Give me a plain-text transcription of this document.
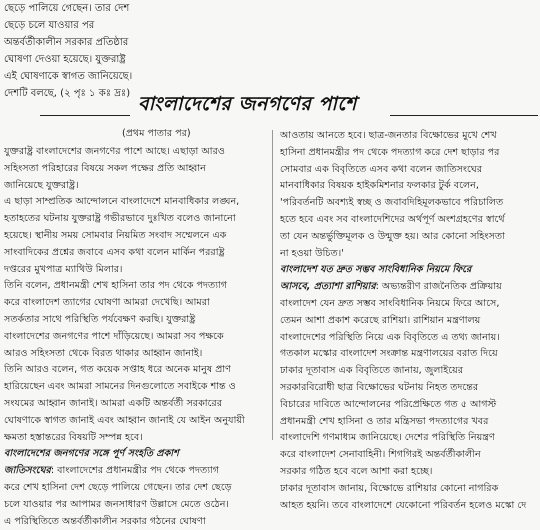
ছেড়ে পালিয়ে গেছেন। তার দেশ
ছেড়ে চলে যাওয়ার পর
অন্তর্বর্তীকালীন সরকার প্রতিষ্ঠার
ঘোষণা দেওয়া হয়েছে। যুক্তরাষ্ট্র
এই ঘোষণাকে স্বাগত জানিয়েছে।
দেশটি বলছে, (২ পৃঃ ১ কঃ দ্রঃ) বাংলাদেশের জনগণের পাশে
(প্রথম পাতার পর)
যুক্তরাষ্ট্র বাংলাদেশের জনগণের পাশে আছে। এছাড়া আরও
সহিংসতা পরিহারের বিষয়ে সকল পক্ষের প্রতি আহ্বান
জানিয়েছে যুক্তরাষ্ট্র।
এ ছাড়া সাম্প্রতিক আন্দোলনে বাংলাদেশে মানবাধিকার লঙ্ঘন,
হতাহতের ঘটনায় যুক্তরাষ্ট্র গভীরভাবে দুঃখিত বলেও জানানো
হয়েছে। স্থানীয় সময় সোমবার নিয়মিত সংবাদ সম্মেলনে এক
সাংবাদিকের প্রশ্নের জবাবে এসব কথা বলেন মার্কিন পররাষ্ট্র
দপ্তরের মুখপাত্র ম্যাথিউ মিলার।
তিনি বলেন, প্রধানমন্ত্রী শেখ হাসিনা তার পদ থেকে পদত্যাগ
করে বাংলাদেশ ত্যাগের ঘোষণা আমরা দেখেছি। আমরা
সতর্কতার সাথে পরিস্থিতি পর্যবেক্ষণ করছি। যুক্তরাষ্ট্র
বাংলাদেশের জনগণের পাশে দাঁড়িয়েছে। আমরা সব পক্ষকে
আরও সহিংসতা থেকে বিরত থাকার আহ্বান জানাই।
তিনি আরও বলেন, গত কয়েক সপ্তাহ ধরে অনেক মানুষ প্রাণ
হারিয়েছেন এবং আমরা সামনের দিনগুলোতে সবাইকে শান্ত ও
সংযমের আহ্বান জানাই। আমরা একটি অন্তর্বর্তী সরকারের
ঘোষণাকে স্বাগত জানাই এবং আহ্বান জানাই যে আইন অনুযায়ী
ক্ষমতা হস্তান্তরের বিষয়টি সম্পন্ন হবে।
বাংলাদেশের জনগণের সঙ্গে পূর্ণ সংহতি প্রকাশ
জাতিসংঘের: বাংলাদেশের প্রধানমন্ত্রীর পদ থেকে পদত্যাগ
করে শেখ হাসিনা দেশ ছেড়ে পালিয়ে গেছেন। তার দেশ ছেড়ে
চলে যাওয়ার পর আপামর জনসাধারণ উল্লাসে মেতে ওঠেন।
এ পরিস্থিতিতে অন্তর্বর্তীকালীন সরকার গঠনের ঘোষণা
আওতায় আনতে হবে। ছাত্র-জনতার বিক্ষোভের মুখে শেখ
হাসিনা প্রধানমন্ত্রীর পদ থেকে পদত্যাগ করে দেশ ছাড়ার পর
সোমবার এক বিবৃতিতে এসব কথা বলেন জাতিসংঘের
মানবাধিকার বিষয়ক হাইকমিশনার ফলকার টুর্ক বলেন,
'পরিবর্তনটি অবশ্যই স্বচ্ছ ও জবাবদিহিমূলকভাবে পরিচালিত
হতে হবে এবং সব বাংলাদেশিদের অর্থপূর্ণ অংশগ্রহণের স্বার্থে
তা যেন অন্তর্ভুক্তিমূলক ও উন্মুক্ত হয়। আর কোনো সহিংসতা
না হওয়া উচিত।'
বাংলাদেশ যত দ্রুত সম্ভব সাংবিধানিক নিয়মে ফিরে
আসবে, প্রত্যাশা রাশিয়ার: অভ্যন্তরীণ রাজনৈতিক প্রক্রিয়ায়
বাংলাদেশ যেন দ্রুত সম্ভব সাংবিধানিক নিয়মে ফিরে আসে,
তেমন আশা প্রকাশ করেছে রাশিয়া। রাশিয়ান মন্ত্রণালয়
বাংলাদেশের পরিস্থিতি নিয়ে এক বিবৃতিতে এ তথ্য জানায়।
গতকাল মস্কোর বাংলাদেশ সংক্রান্ত মন্ত্রণালয়ের বরাত দিয়ে
ঢাকার দূতাবাস এক বিবৃতিতে জানায়, জুলাইয়ের
সরকারবিরোধী ছাত্র বিক্ষোভের ঘটনায় নিহত তদন্তের
বিচারের দাবিতে আন্দোলনের পরিপ্রেক্ষিতে গত ৫ আগস্ট
প্রধানমন্ত্রী শেখ হাসিনা ও তার মন্ত্রিসভা পদত্যাগের খবর
বাংলাদেশি গণমাধ্যম জানিয়েছে। দেশের পরিস্থিতি নিয়ন্ত্রণ
করে বাংলাদেশ সেনাবাহিনী। শিগগিরই অন্তর্বর্তীকালীন
সরকার গঠিত হবে বলে আশা করা হচ্ছে।
ঢাকার দূতাবাস জানায়, বিক্ষোভে রাশিয়ার কোনো নাগরিক
আহত হয়নি। তবে বাংলাদেশে যেকোনো পরিবর্তন হলেও মস্কো দে
